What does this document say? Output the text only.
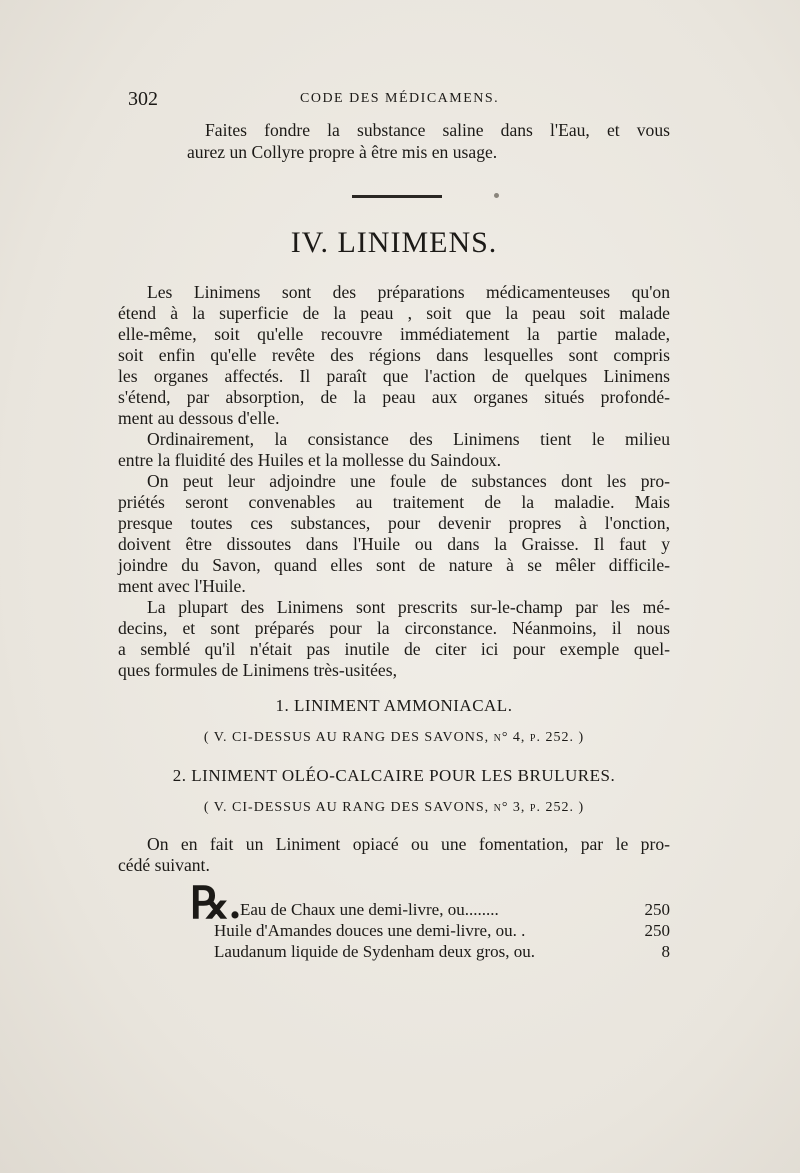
302	CODE DES MÉDICAMENS.
Faites fondre la substance saline dans l'Eau, et vous
aurez un Collyre propre à être mis en usage.
IV. LINIMENS.
Les Linimens sont des préparations médicamenteuses qu'on
étend à la superficie de la peau , soit que la peau soit malade
elle-même, soit qu'elle recouvre immédiatement la partie malade,
soit enfin qu'elle revête des régions dans lesquelles sont compris
les organes affectés. Il paraît que l'action de quelques Linimens
s'étend, par absorption, de la peau aux organes situés profondé-
ment au dessous d'elle.
Ordinairement, la consistance des Linimens tient le milieu
entre la fluidité des Huiles et la mollesse du Saindoux.
On peut leur adjoindre une foule de substances dont les pro-
priétés seront convenables au traitement de la maladie. Mais
presque toutes ces substances, pour devenir propres à l'onction,
doivent être dissoutes dans l'Huile ou dans la Graisse. Il faut y
joindre du Savon, quand elles sont de nature à se mêler difficile-
ment avec l'Huile.
La plupart des Linimens sont prescrits sur-le-champ par les mé-
decins, et sont préparés pour la circonstance. Néanmoins, il nous
a semblé qu'il n'était pas inutile de citer ici pour exemple quel-
ques formules de Linimens très-usitées,
1. LINIMENT AMMONIACAL.
( V. CI-DESSUS AU RANG DES SAVONS, n° 4, p. 252. )
2. LINIMENT OLÉO-CALCAIRE POUR LES BRULURES.
( V. CI-DESSUS AU RANG DES SAVONS, n° 3, p. 252. )
On en fait un Liniment opiacé ou une fomentation, par le pro-
cédé suivant.
℞. Eau de Chaux une demi-livre, ou........	250
Huile d'Amandes douces une demi-livre, ou. .	250
Laudanum liquide de Sydenham deux gros, ou.	8
